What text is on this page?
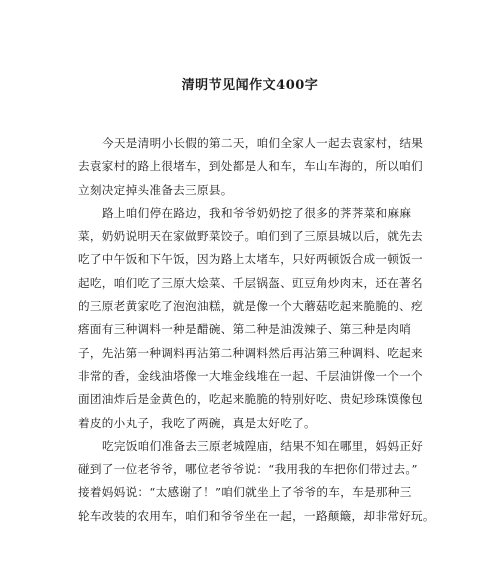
清明节见闻作文400字
今天是清明小长假的第二天，咱们全家人一起去袁家村，结果
去袁家村的路上很堵车，到处都是人和车，车山车海的，所以咱们
立刻决定掉头准备去三原县。
路上咱们停在路边，我和爷爷奶奶挖了很多的荠荠菜和麻麻
菜，奶奶说明天在家做野菜饺子。咱们到了三原县城以后，就先去
吃了中午饭和下午饭，因为路上太堵车，只好两顿饭合成一顿饭一
起吃，咱们吃了三原大烩菜、千层锅盔、豇豆角炒肉末，还在著名
的三原老黄家吃了泡泡油糕，就是像一个大蘑菇吃起来脆脆的、疙
瘩面有三种调料一种是醋碗、第二种是油泼辣子、第三种是肉哨
子，先沾第一种调料再沾第二种调料然后再沾第三种调料、吃起来
非常的香，金线油塔像一大堆金线堆在一起、千层油饼像一个一个
面团油炸后是金黄色的，吃起来脆脆的特别好吃、贵妃珍珠馍像包
着皮的小丸子，我吃了两碗，真是太好吃了。
吃完饭咱们准备去三原老城隍庙，结果不知在哪里，妈妈正好
碰到了一位老爷爷，哪位老爷爷说：“我用我的车把你们带过去。”
接着妈妈说：“太感谢了！”咱们就坐上了爷爷的车，车是那种三
轮车改装的农用车，咱们和爷爷坐在一起，一路颠簸，却非常好玩。
